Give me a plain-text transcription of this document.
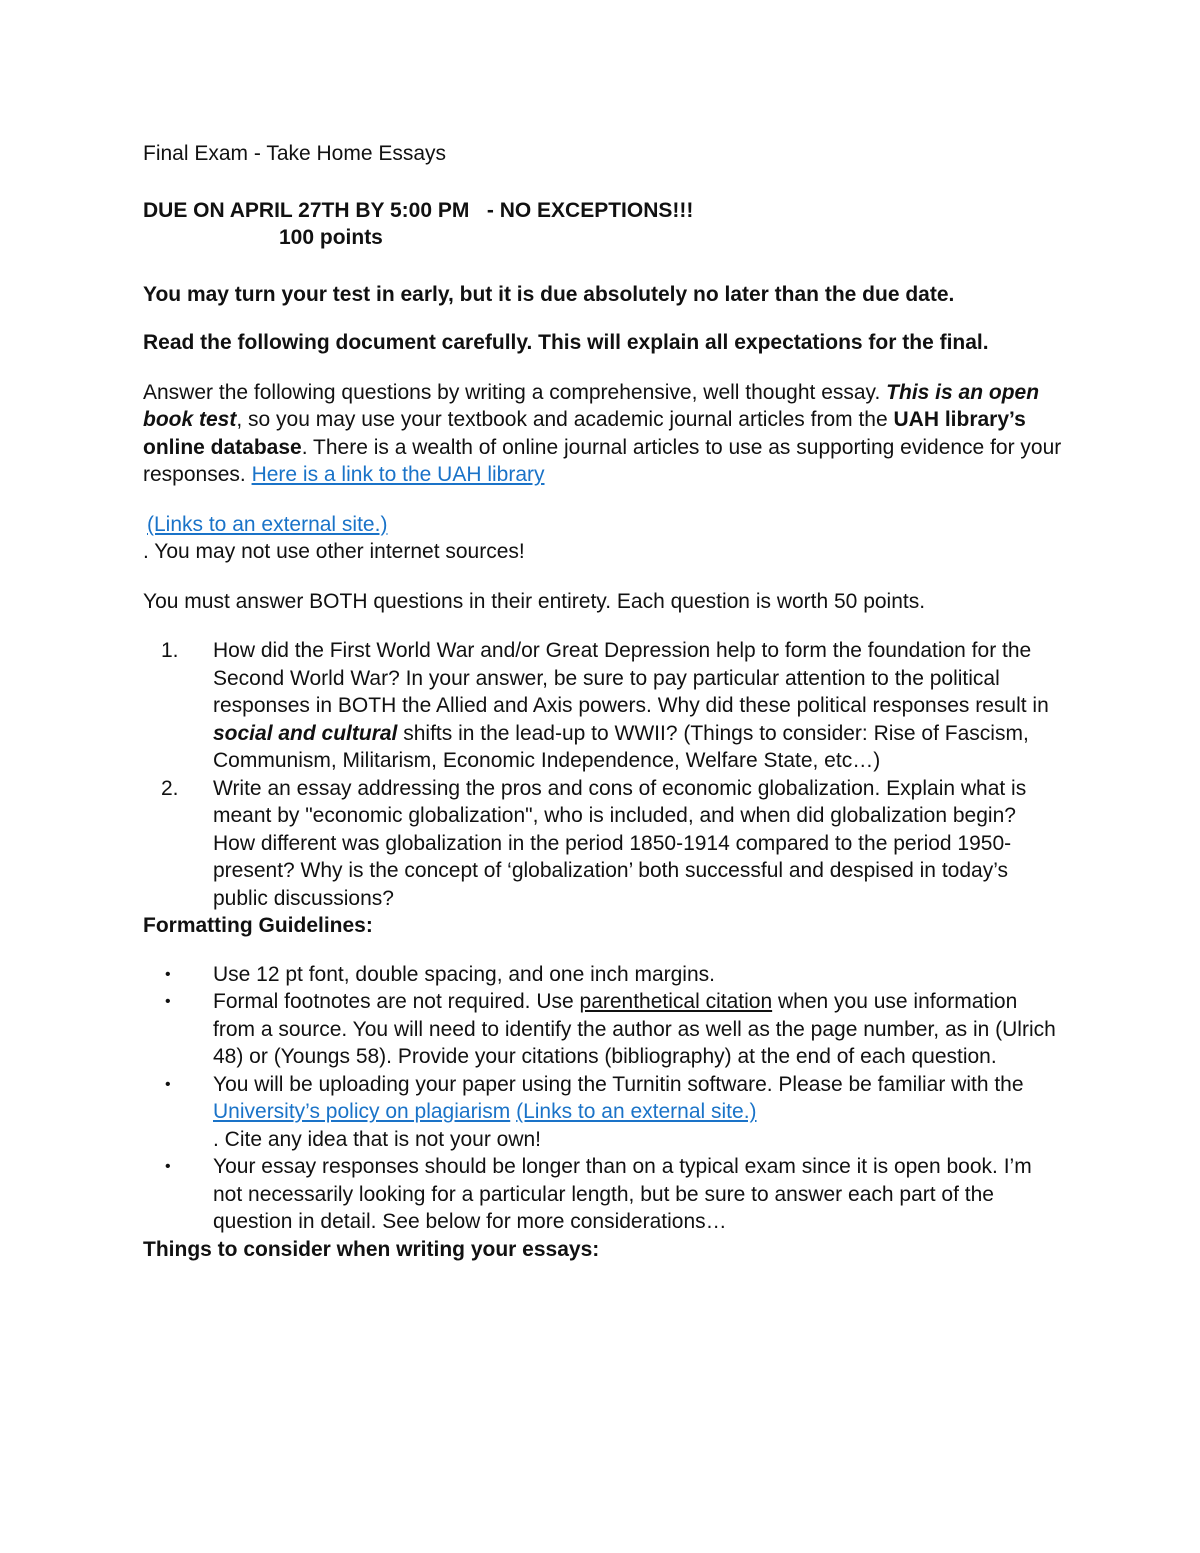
Final Exam - Take Home Essays

DUE ON APRIL 27TH BY 5:00 PM   - NO EXCEPTIONS!!!

100 points

You may turn your test in early, but it is due absolutely no later than the due date.

Read the following document carefully. This will explain all expectations for the final.

Answer the following questions by writing a comprehensive, well thought essay. This is an open book test, so you may use your textbook and academic journal articles from the UAH library’s online database. There is a wealth of online journal articles to use as supporting evidence for your responses. Here is a link to the UAH library

(Links to an external site.)

. You may not use other internet sources!

You must answer BOTH questions in their entirety. Each question is worth 50 points.

1. How did the First World War and/or Great Depression help to form the foundation for the Second World War? In your answer, be sure to pay particular attention to the political responses in BOTH the Allied and Axis powers. Why did these political responses result in social and cultural shifts in the lead-up to WWII? (Things to consider: Rise of Fascism, Communism, Militarism, Economic Independence, Welfare State, etc…)
2. Write an essay addressing the pros and cons of economic globalization. Explain what is meant by "economic globalization", who is included, and when did globalization begin? How different was globalization in the period 1850-1914 compared to the period 1950-present? Why is the concept of ‘globalization’ both successful and despised in today’s public discussions?

Formatting Guidelines:

• Use 12 pt font, double spacing, and one inch margins.
• Formal footnotes are not required. Use parenthetical citation when you use information from a source. You will need to identify the author as well as the page number, as in (Ulrich 48) or (Youngs 58). Provide your citations (bibliography) at the end of each question.
• You will be uploading your paper using the Turnitin software. Please be familiar with the University’s policy on plagiarism (Links to an external site.)
. Cite any idea that is not your own!
• Your essay responses should be longer than on a typical exam since it is open book. I’m not necessarily looking for a particular length, but be sure to answer each part of the question in detail. See below for more considerations…

Things to consider when writing your essays:
